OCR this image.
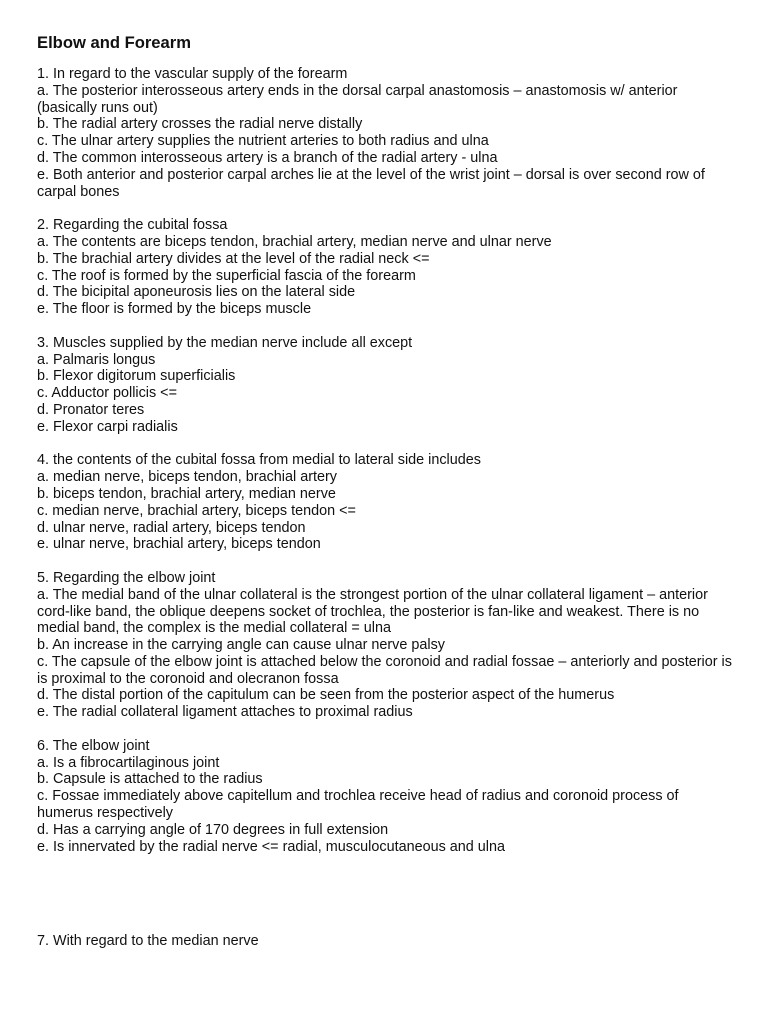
Elbow and Forearm
1. In regard to the vascular supply of the forearm
a. The posterior interosseous artery ends in the dorsal carpal anastomosis – anastomosis w/ anterior (basically runs out)
b. The radial artery crosses the radial nerve distally
c. The ulnar artery supplies the nutrient arteries to both radius and ulna
d. The common interosseous artery is a branch of the radial artery - ulna
e. Both anterior and posterior carpal arches lie at the level of the wrist joint – dorsal is over second row of carpal bones
2. Regarding the cubital fossa
a. The contents are biceps tendon, brachial artery, median nerve and ulnar nerve
b. The brachial artery divides at the level of the radial neck <=
c. The roof is formed by the superficial fascia of the forearm
d. The bicipital aponeurosis lies on the lateral side
e. The floor is formed by the biceps muscle
3. Muscles supplied by the median nerve include all except
a. Palmaris longus
b. Flexor digitorum superficialis
c. Adductor pollicis <=
d. Pronator teres
e. Flexor carpi radialis
4. the contents of the cubital fossa from medial to lateral side includes
a. median nerve, biceps tendon, brachial artery
b. biceps tendon, brachial artery, median nerve
c. median nerve, brachial artery, biceps tendon <=
d. ulnar nerve, radial artery, biceps tendon
e. ulnar nerve, brachial artery, biceps tendon
5. Regarding the elbow joint
a. The medial band of the ulnar collateral is the strongest portion of the ulnar collateral ligament – anterior cord-like band, the oblique deepens socket of trochlea, the posterior is fan-like and weakest. There is no medial band, the complex is the medial collateral = ulna
b. An increase in the carrying angle can cause ulnar nerve palsy
c. The capsule of the elbow joint is attached below the coronoid and radial fossae – anteriorly and posterior is is proximal to the coronoid and olecranon fossa
d. The distal portion of the capitulum can be seen from the posterior aspect of the humerus
e. The radial collateral ligament attaches to proximal radius
6. The elbow joint
a. Is a fibrocartilaginous joint
b. Capsule is attached to the radius
c. Fossae immediately above capitellum and trochlea receive head of radius and coronoid process of humerus respectively
d. Has a carrying angle of 170 degrees in full extension
e. Is innervated by the radial nerve <= radial, musculocutaneous and ulna
7. With regard to the median nerve
